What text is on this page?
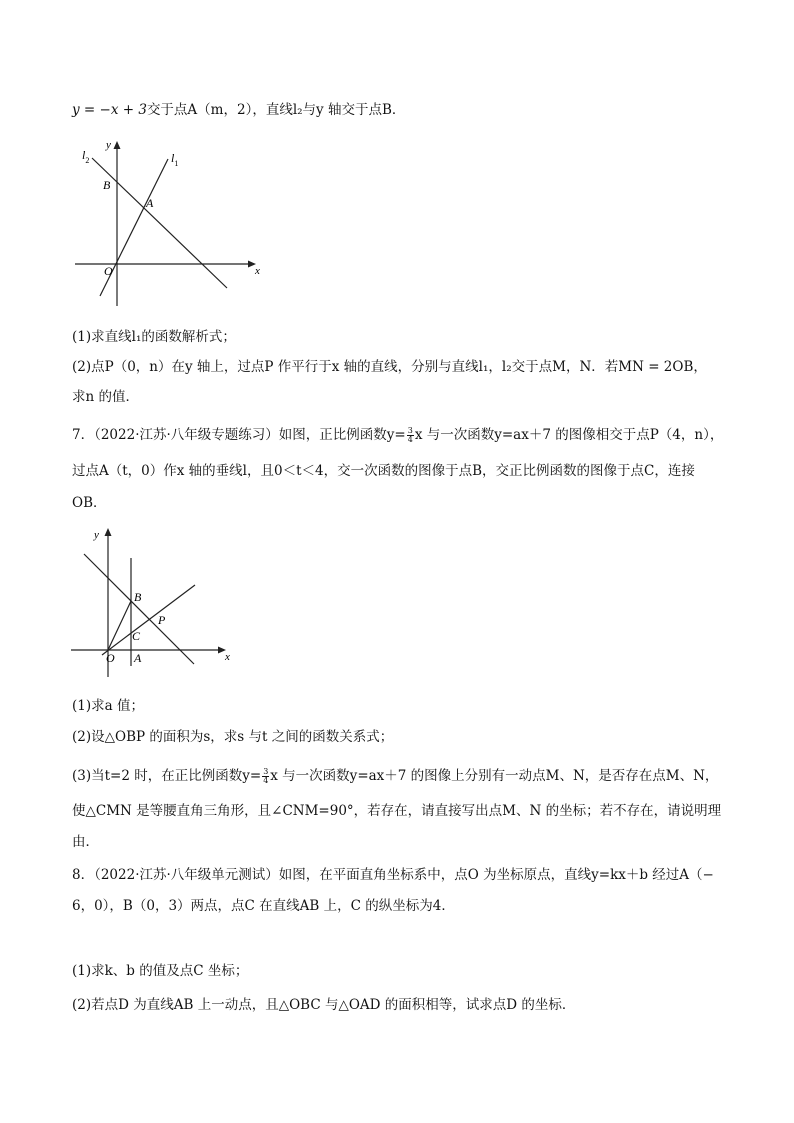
y = −x + 3交于点A（m，2），直线l₂与y 轴交于点B．
x
y
O
B
A
$l_1$
$l_2$
(1)求直线l₁的函数解析式；
(2)点P（0，n）在y 轴上，过点P 作平行于x 轴的直线，分别与直线l₁，l₂交于点M，N．若MN = 2OB，
求n 的值．
7．（2022·江苏·八年级专题练习）如图，正比例函数$y= \frac{3}{4}$ x 与一次函数y=ax＋7 的图像相交于点P（4，n），
过点A（t，0）作x 轴的垂线l，且0＜t＜4，交一次函数的图像于点B，交正比例函数的图像于点C，连接
OB．
x
y
O A
B
C
P
(1)求a 值；
(2)设△OBP 的面积为s，求s 与t 之间的函数关系式；
(3)当t=2 时，在正比例函数$y= \frac{3}{4}$ x 与一次函数y=ax＋7 的图像上分别有一动点M、N，是否存在点M、N，
使△CMN 是等腰直角三角形，且∠CNM=90°，若存在，请直接写出点M、N 的坐标；若不存在，请说明理
由．
8．（2022·江苏·八年级单元测试）如图，在平面直角坐标系中，点O 为坐标原点，直线y=kx＋b 经过A（−
6，0），B（0，3）两点，点C 在直线AB 上，C 的纵坐标为4．
(1)求k、b 的值及点C 坐标；
(2)若点D 为直线AB 上一动点，且△OBC 与△OAD 的面积相等，试求点D 的坐标．
